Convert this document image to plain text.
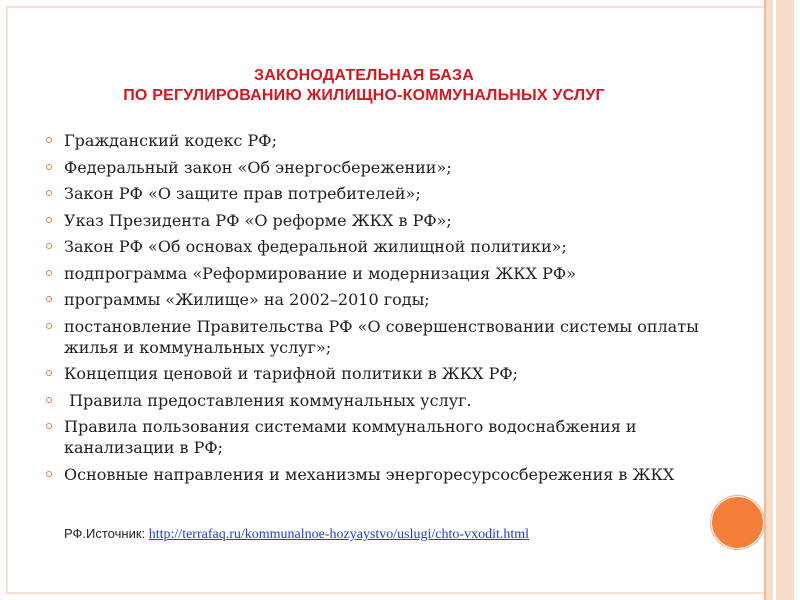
ЗАКОНОДАТЕЛЬНАЯ БАЗА
ПО РЕГУЛИРОВАНИЮ ЖИЛИЩНО-КОММУНАЛЬНЫХ УСЛУГ
Гражданский кодекс РФ;
Федеральный закон «Об энергосбережении»;
Закон РФ «О защите прав потребителей»;
Указ Президента РФ «О реформе ЖКХ в РФ»;
Закон РФ «Об основах федеральной жилищной политики»;
подпрограмма «Реформирование и модернизация ЖКХ РФ»
программы «Жилище» на 2002–2010 годы;
постановление Правительства РФ «О совершенствовании системы оплаты жилья и коммунальных услуг»;
Концепция ценовой и тарифной политики в ЖКХ РФ;
Правила предоставления коммунальных услуг.
Правила пользования системами коммунального водоснабжения и канализации в РФ;
Основные направления и механизмы энергоресурсосбережения в ЖКХ
РФ.Источник: http://terrafaq.ru/kommunalnoe-hozyaystvo/uslugi/chto-vxodit.html
